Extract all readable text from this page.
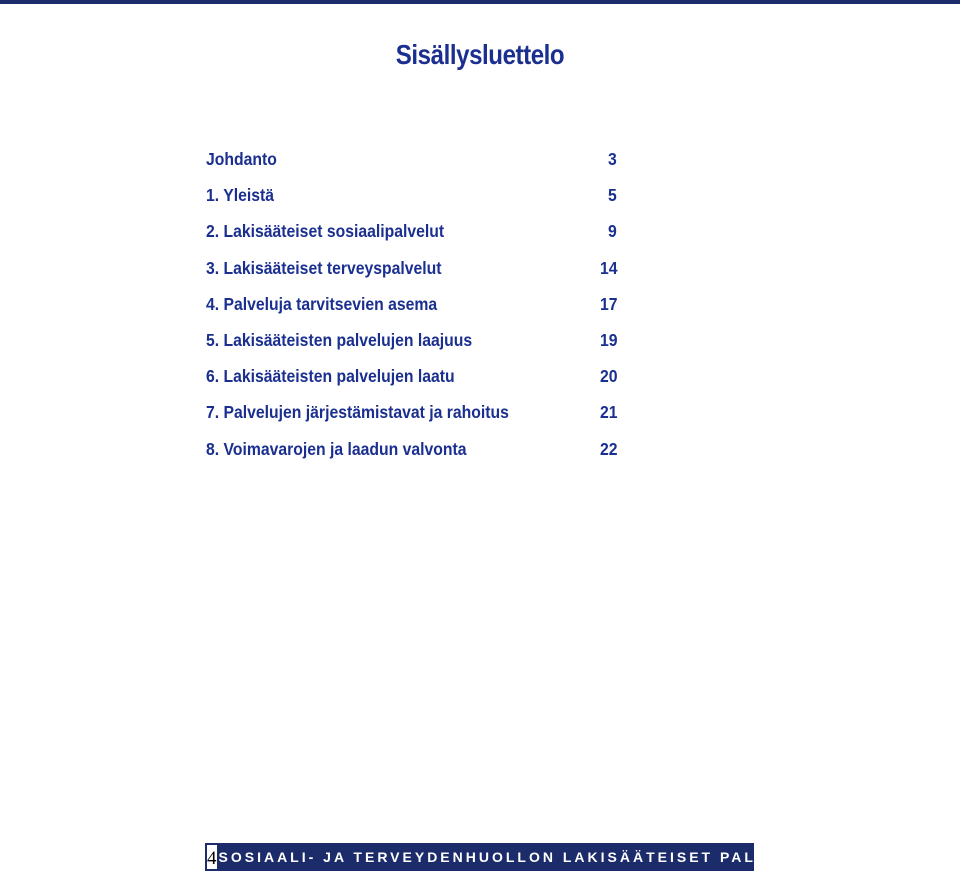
Sisällysluettelo
Johdanto	3
1. Yleistä	5
2. Lakisääteiset sosiaalipalvelut	9
3. Lakisääteiset terveyspalvelut	14
4. Palveluja tarvitsevien asema	17
5. Lakisääteisten palvelujen laajuus	19
6. Lakisääteisten palvelujen laatu	20
7. Palvelujen järjestämistavat ja rahoitus	21
8. Voimavarojen ja laadun valvonta	22
4 SOSIAALI- JA TERVEYDENHUOLLON LAKISÄÄTEISET PALVELUT
